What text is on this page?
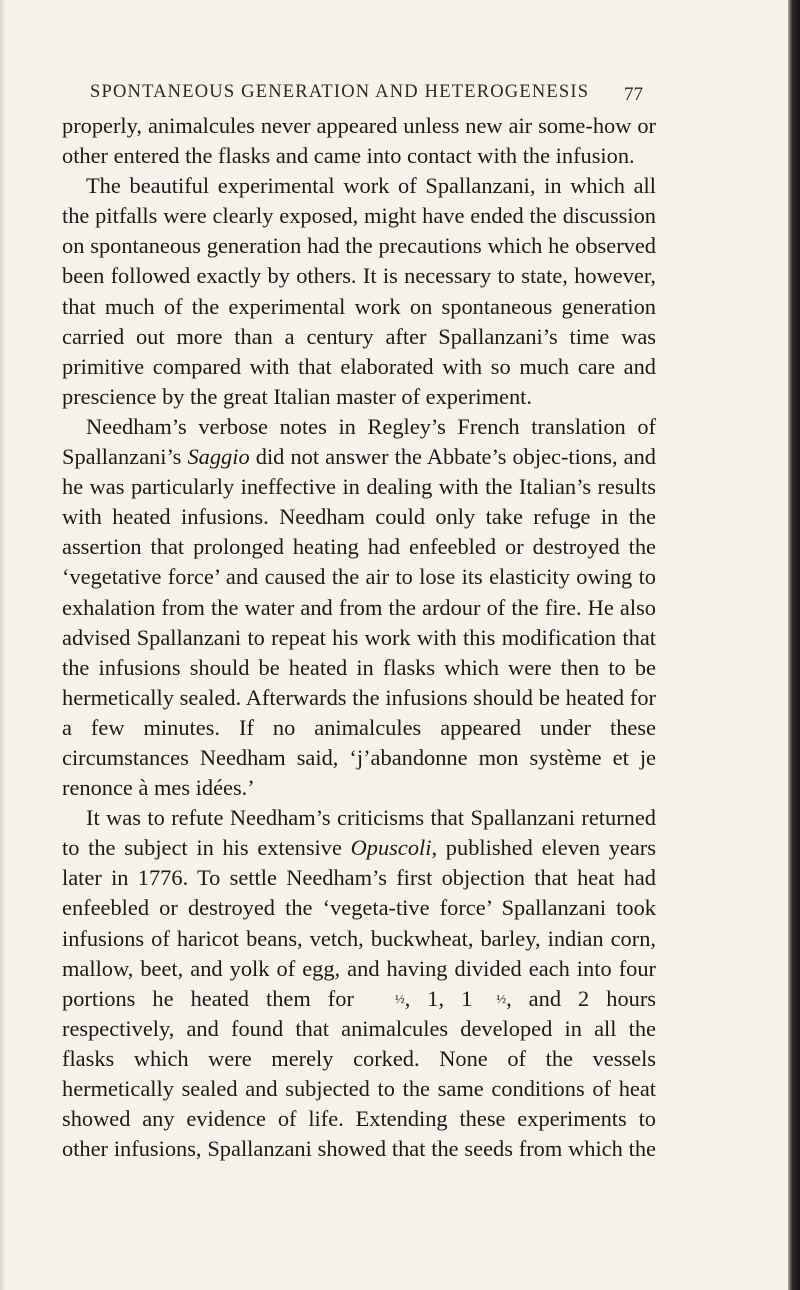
SPONTANEOUS GENERATION AND HETEROGENESIS	77

properly, animalcules never appeared unless new air some-how or other entered the flasks and came into contact with the infusion.

The beautiful experimental work of Spallanzani, in which all the pitfalls were clearly exposed, might have ended the discussion on spontaneous generation had the precautions which he observed been followed exactly by others. It is necessary to state, however, that much of the experimental work on spontaneous generation carried out more than a century after Spallanzani’s time was primitive compared with that elaborated with so much care and prescience by the great Italian master of experiment.

Needham’s verbose notes in Regley’s French translation of Spallanzani’s Saggio did not answer the Abbate’s objec-tions, and he was particularly ineffective in dealing with the Italian’s results with heated infusions. Needham could only take refuge in the assertion that prolonged heating had enfeebled or destroyed the ‘vegetative force’ and caused the air to lose its elasticity owing to exhalation from the water and from the ardour of the fire. He also advised Spallanzani to repeat his work with this modification that the infusions should be heated in flasks which were then to be hermetically sealed. Afterwards the infusions should be heated for a few minutes. If no animalcules appeared under these circumstances Needham said, ‘j’abandonne mon système et je renonce à mes idées.’

It was to refute Needham’s criticisms that Spallanzani returned to the subject in his extensive Opuscoli, published eleven years later in 1776. To settle Needham’s first objection that heat had enfeebled or destroyed the ‘vegeta-tive force’ Spallanzani took infusions of haricot beans, vetch, buckwheat, barley, indian corn, mallow, beet, and yolk of egg, and having divided each into four portions he heated them for ½, 1, 1 ½, and 2 hours respectively, and found that animalcules developed in all the flasks which were merely corked. None of the vessels hermetically sealed and subjected to the same conditions of heat showed any evidence of life. Extending these experiments to other infusions, Spallanzani showed that the seeds from which the
